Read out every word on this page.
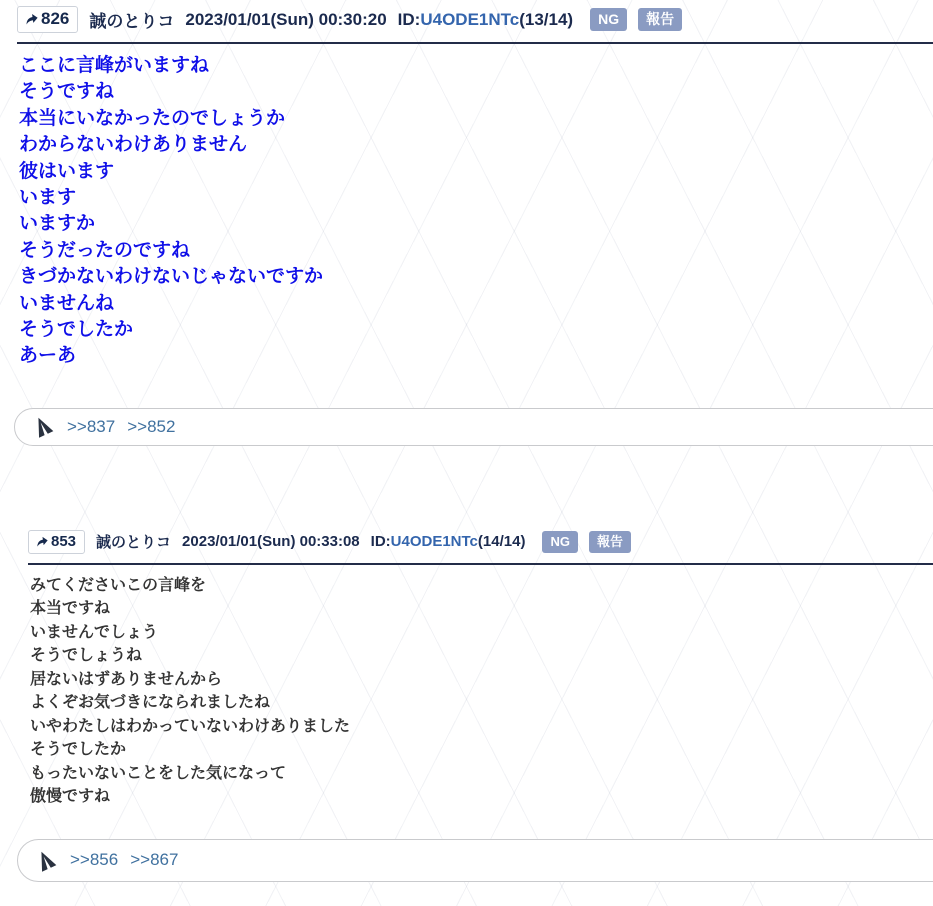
826 誠のとりコ 2023/01/01(Sun) 00:30:20 ID:U4ODE1NTc(13/14)	NG	報告
ここに言峰がいますね
そうですね
本当にいなかったのでしょうか
わからないわけありません
彼はいます
います
いますか
そうだったのですね
きづかないわけないじゃないですか
いませんね
そうでしたか
あーあ
>>837 >>852
853 誠のとりコ 2023/01/01(Sun) 00:33:08 ID:U4ODE1NTc(14/14)	NG	報告
みてくださいこの言峰を
本当ですね
いませんでしょう
そうでしょうね
居ないはずありませんから
よくぞお気づきになられましたね
いやわたしはわかっていないわけありました
そうでしたか
もったいないことをした気になって
傲慢ですね
>>856 >>867
